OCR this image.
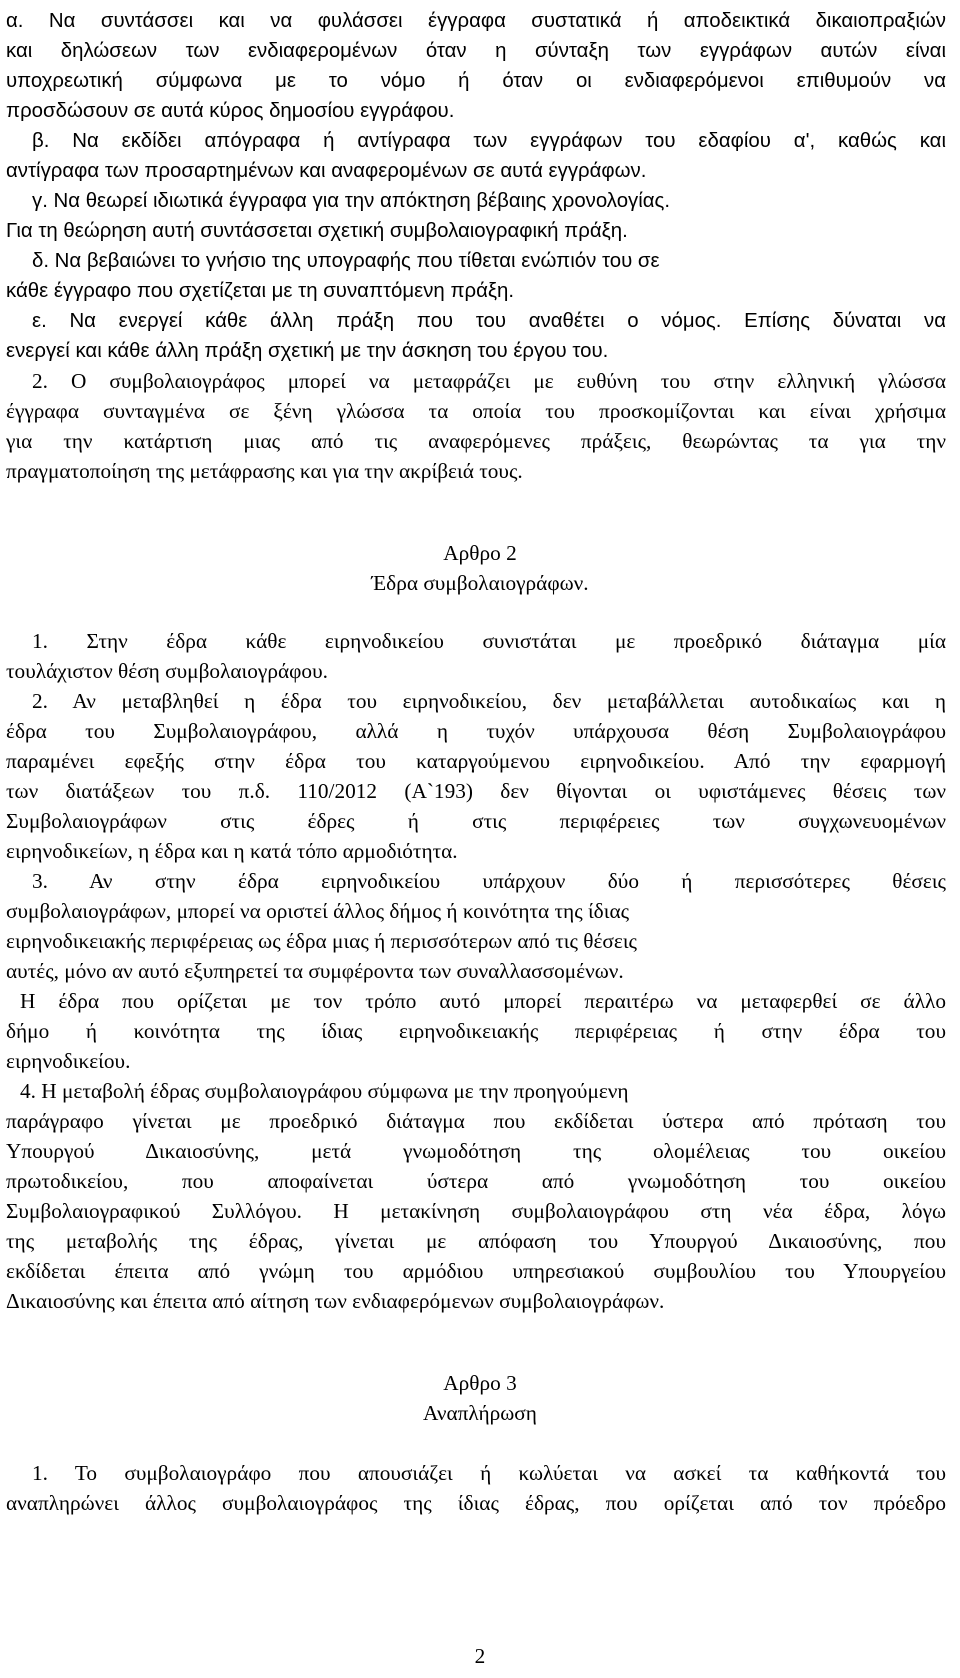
α. Να συντάσσει και να φυλάσσει έγγραφα συστατικά ή αποδεικτικά δικαιοπραξιών

και δηλώσεων των ενδιαφερομένων όταν η σύνταξη των εγγράφων αυτών είναι

υποχρεωτική σύμφωνα με το νόμο ή όταν οι ενδιαφερόμενοι επιθυμούν να

προσδώσουν σε αυτά κύρος δημοσίου εγγράφου.

β. Να εκδίδει απόγραφα ή αντίγραφα των εγγράφων του εδαφίου α', καθώς και

αντίγραφα των προσαρτημένων και αναφερομένων σε αυτά εγγράφων.

γ. Να θεωρεί ιδιωτικά έγγραφα για την απόκτηση βέβαιης χρονολογίας.

Για τη θεώρηση αυτή συντάσσεται σχετική συμβολαιογραφική πράξη.

δ. Να βεβαιώνει το γνήσιο της υπογραφής που τίθεται ενώπιόν του σε

κάθε έγγραφο που σχετίζεται με τη συναπτόμενη πράξη.

ε. Να ενεργεί κάθε άλλη πράξη που του αναθέτει ο νόμος. Επίσης δύναται να

ενεργεί και κάθε άλλη πράξη σχετική με την άσκηση του έργου του.

2. Ο συμβολαιογράφος μπορεί να μεταφράζει με ευθύνη του στην ελληνική γλώσσα

έγγραφα συνταγμένα σε ξένη γλώσσα τα οποία του προσκομίζονται και είναι χρήσιμα

για την κατάρτιση μιας από τις αναφερόμενες πράξεις, θεωρώντας τα για την

πραγματοποίηση της μετάφρασης και για την ακρίβειά τους.

Αρθρο 2

Έδρα συμβολαιογράφων.

1. Στην έδρα κάθε ειρηνοδικείου συνιστάται με προεδρικό διάταγμα μία

τουλάχιστον θέση συμβολαιογράφου.

2. Αν μεταβληθεί η έδρα του ειρηνοδικείου, δεν μεταβάλλεται αυτοδικαίως και η

έδρα του Συμβολαιογράφου, αλλά η τυχόν υπάρχουσα θέση Συμβολαιογράφου

παραμένει εφεξής στην έδρα του καταργούμενου ειρηνοδικείου. Από την εφαρμογή

των διατάξεων του π.δ. 110/2012 (Α`193) δεν θίγονται οι υφιστάμενες θέσεις των

Συμβολαιογράφων στις έδρες ή στις περιφέρειες των συγχωνευομένων

ειρηνοδικείων, η έδρα και η κατά τόπο αρμοδιότητα.

3. Αν στην έδρα ειρηνοδικείου υπάρχουν δύο ή περισσότερες θέσεις

συμβολαιογράφων, μπορεί να οριστεί άλλος δήμος ή κοινότητα της ίδιας

ειρηνοδικειακής περιφέρειας ως έδρα μιας ή περισσότερων από τις θέσεις

αυτές, μόνο αν αυτό εξυπηρετεί τα συμφέροντα των συναλλασσομένων.

Η έδρα που ορίζεται με τον τρόπο αυτό μπορεί περαιτέρω να μεταφερθεί σε άλλο

δήμο ή κοινότητα της ίδιας ειρηνοδικειακής περιφέρειας ή στην έδρα του

ειρηνοδικείου.

4. Η μεταβολή έδρας συμβολαιογράφου σύμφωνα με την προηγούμενη

παράγραφο γίνεται με προεδρικό διάταγμα που εκδίδεται ύστερα από πρόταση του

Υπουργού Δικαιοσύνης, μετά γνωμοδότηση της ολομέλειας του οικείου

πρωτοδικείου, που αποφαίνεται ύστερα από γνωμοδότηση του οικείου

Συμβολαιογραφικού Συλλόγου. Η μετακίνηση συμβολαιογράφου στη νέα έδρα, λόγω

της μεταβολής της έδρας, γίνεται με απόφαση του Υπουργού Δικαιοσύνης, που

εκδίδεται έπειτα από γνώμη του αρμόδιου υπηρεσιακού συμβουλίου του Υπουργείου

Δικαιοσύνης και έπειτα από αίτηση των ενδιαφερόμενων συμβολαιογράφων.

Αρθρο 3

Αναπλήρωση

1. Το συμβολαιογράφο που απουσιάζει ή κωλύεται να ασκεί τα καθήκοντά του

αναπληρώνει άλλος συμβολαιογράφος της ίδιας έδρας, που ορίζεται από τον πρόεδρο

2
